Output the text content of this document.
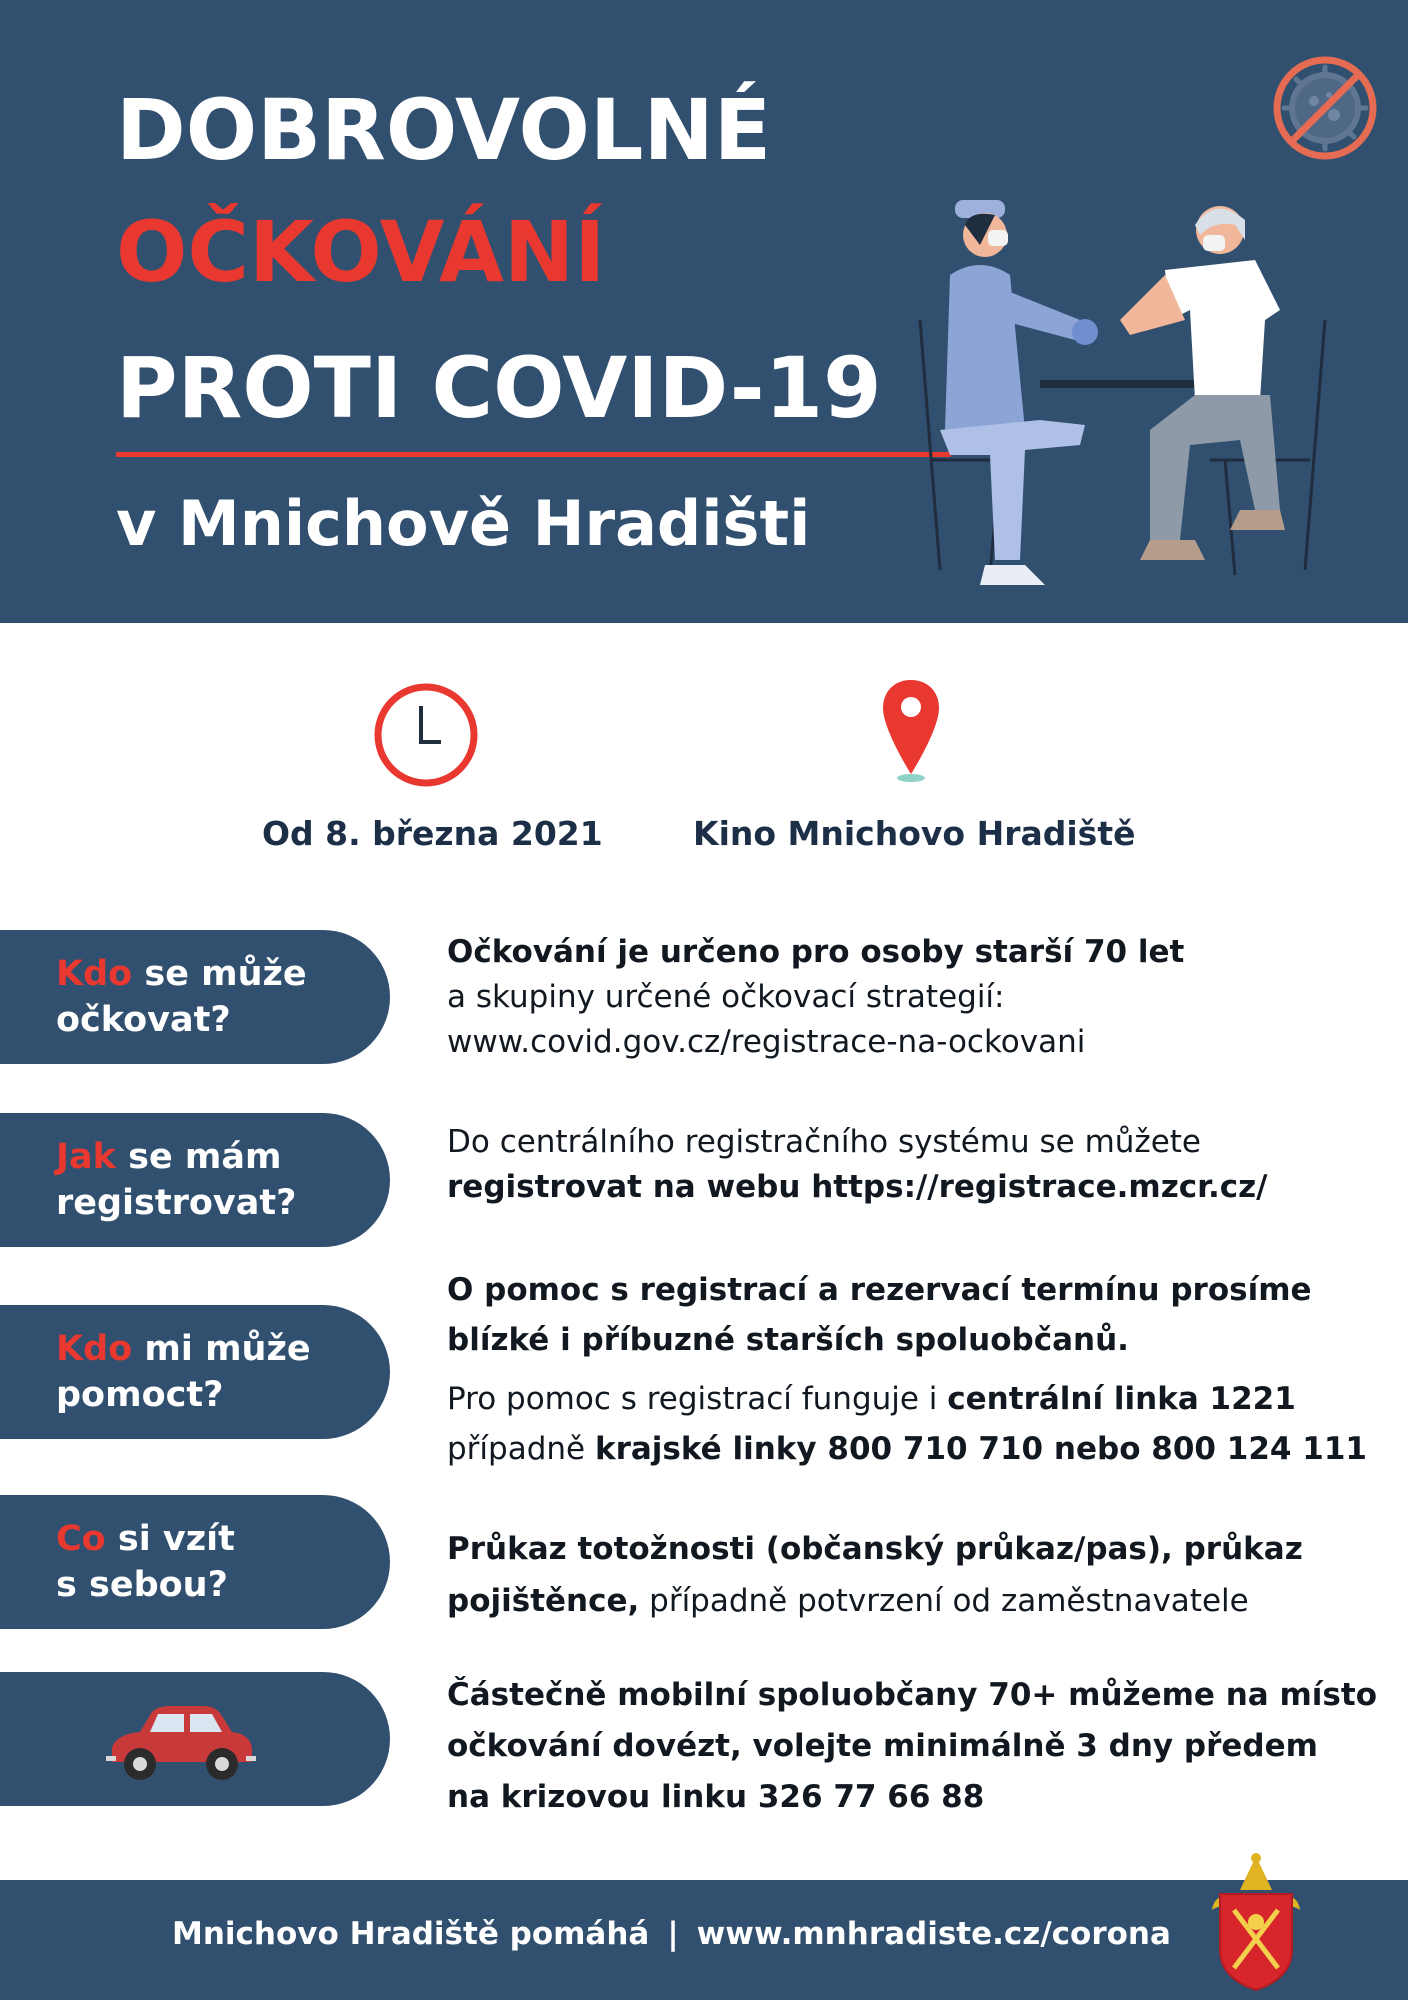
DOBROVOLNÉ
OČKOVÁNÍ
PROTI COVID-19
v Mnichově Hradišti
Od 8. března 2021	Kino Mnichovo Hradiště
Kdo se může
očkovat?
Jak se mám
registrovat?
Kdo mi může
pomoct?
Co si vzít
s sebou?

Očkování je určeno pro osoby starší 70 let

a skupiny určené očkovací strategií:

www.covid.gov.cz/registrace-na-ockovani

Do centrálního registračního systému se můžete

registrovat na webu https://registrace.mzcr.cz/

O pomoc s registrací a rezervací termínu prosíme

blízké i příbuzné starších spoluobčanů.

Pro pomoc s registrací funguje i centrální linka 1221

případně krajské linky 800 710 710 nebo 800 124 111

Průkaz totožnosti (občanský průkaz/pas), průkaz

pojištěnce, případně potvrzení od zaměstnavatele

Částečně mobilní spoluobčany 70+ můžeme na místo

očkování dovézt, volejte minimálně 3 dny předem

na krizovou linku 326 77 66 88

Mnichovo Hradiště pomáhá | www.mnhradiste.cz/corona
